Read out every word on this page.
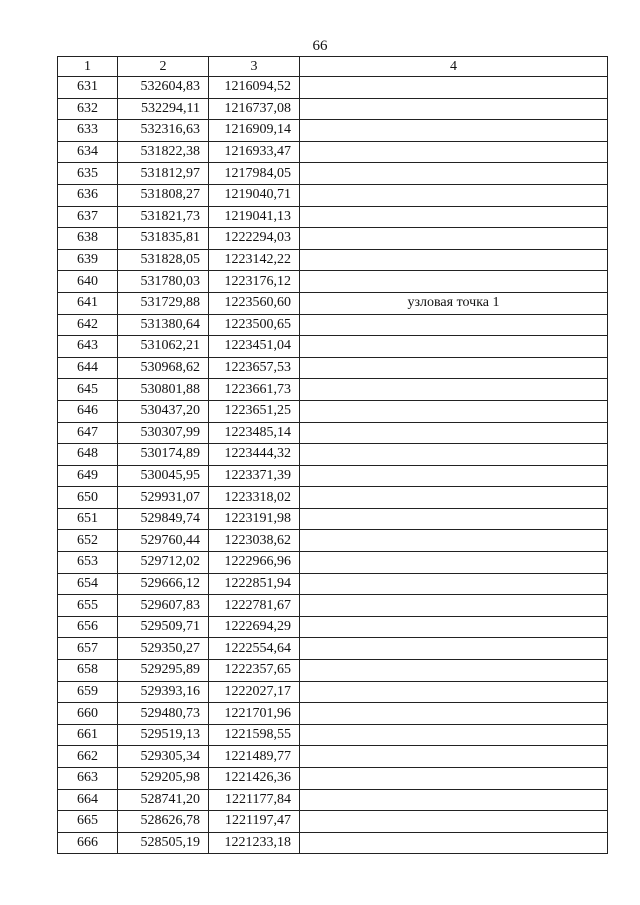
66
1	2	3	4
631	532604,83	1216094,52	
632	532294,11	1216737,08	
633	532316,63	1216909,14	
634	531822,38	1216933,47	
635	531812,97	1217984,05	
636	531808,27	1219040,71	
637	531821,73	1219041,13	
638	531835,81	1222294,03	
639	531828,05	1223142,22	
640	531780,03	1223176,12	
641	531729,88	1223560,60	узловая точка 1
642	531380,64	1223500,65	
643	531062,21	1223451,04	
644	530968,62	1223657,53	
645	530801,88	1223661,73	
646	530437,20	1223651,25	
647	530307,99	1223485,14	
648	530174,89	1223444,32	
649	530045,95	1223371,39	
650	529931,07	1223318,02	
651	529849,74	1223191,98	
652	529760,44	1223038,62	
653	529712,02	1222966,96	
654	529666,12	1222851,94	
655	529607,83	1222781,67	
656	529509,71	1222694,29	
657	529350,27	1222554,64	
658	529295,89	1222357,65	
659	529393,16	1222027,17	
660	529480,73	1221701,96	
661	529519,13	1221598,55	
662	529305,34	1221489,77	
663	529205,98	1221426,36	
664	528741,20	1221177,84	
665	528626,78	1221197,47	
666	528505,19	1221233,18	
